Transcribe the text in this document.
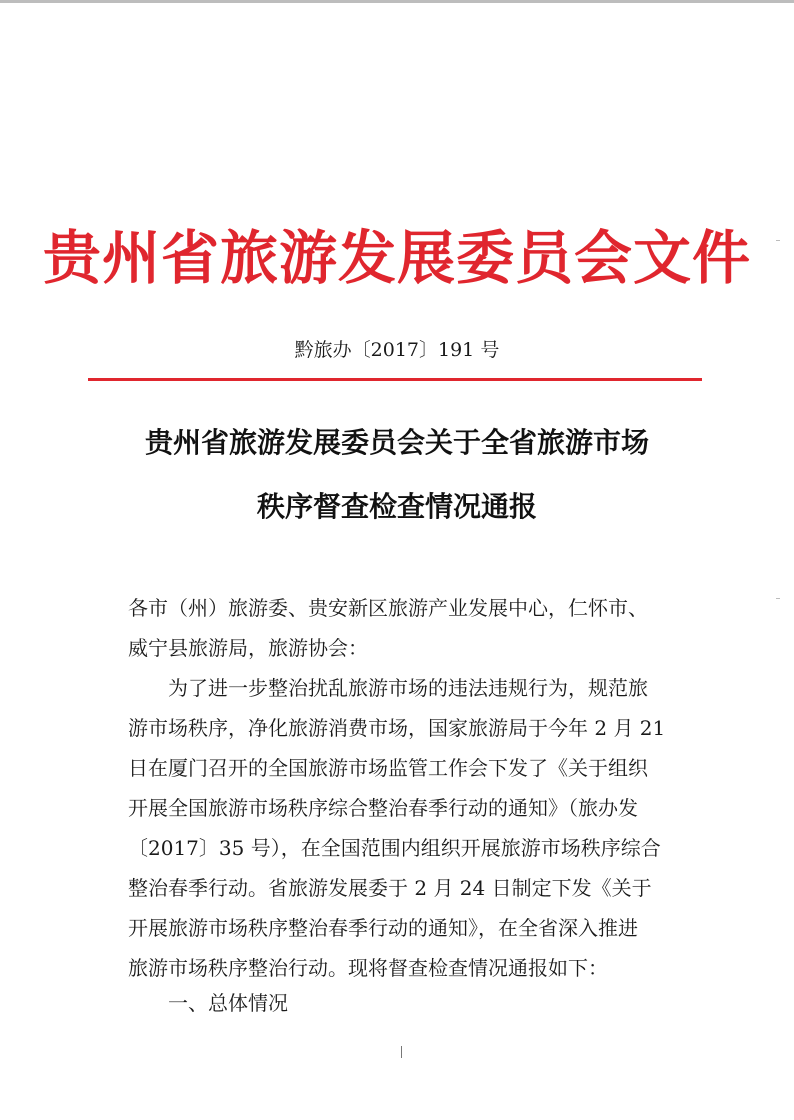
贵州省旅游发展委员会文件
黔旅办〔2017〕191 号
贵州省旅游发展委员会关于全省旅游市场
秩序督查检查情况通报
各市（州）旅游委、贵安新区旅游产业发展中心，仁怀市、
威宁县旅游局，旅游协会：
　　为了进一步整治扰乱旅游市场的违法违规行为，规范旅
游市场秩序，净化旅游消费市场，国家旅游局于今年 2 月 21
日在厦门召开的全国旅游市场监管工作会下发了《关于组织
开展全国旅游市场秩序综合整治春季行动的通知》（旅办发
〔2017〕35 号），在全国范围内组织开展旅游市场秩序综合
整治春季行动。省旅游发展委于 2 月 24 日制定下发《关于
开展旅游市场秩序整治春季行动的通知》，在全省深入推进
旅游市场秩序整治行动。现将督查检查情况通报如下：
一、总体情况
